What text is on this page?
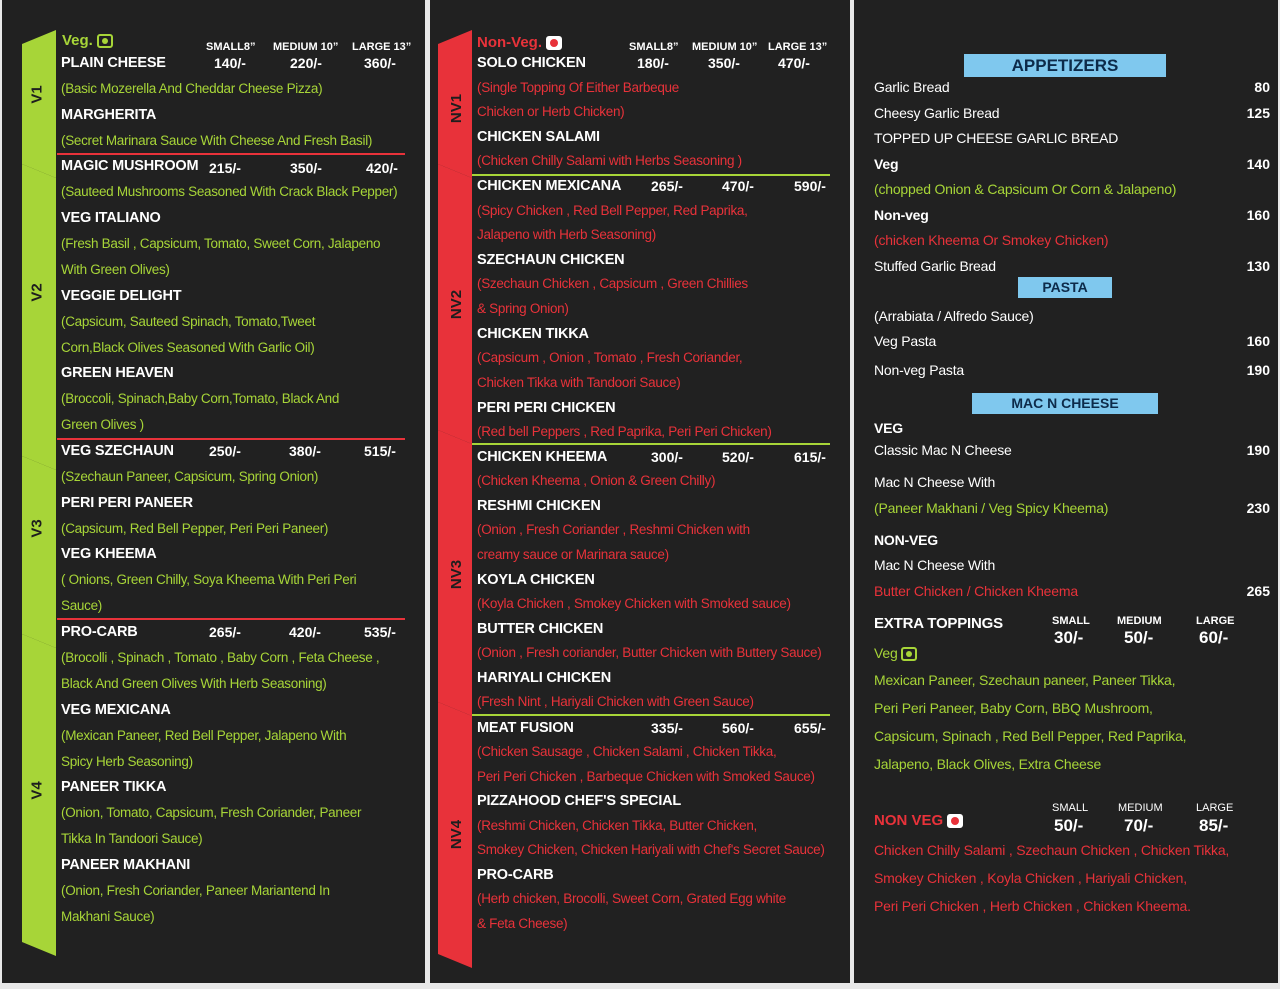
V1
V2
V3
V4
Veg.	SMALL8” MEDIUM 10” LARGE 13”
PLAIN CHEESE	140/-	220/-	360/-
(Basic Mozerella And Cheddar Cheese Pizza)
MARGHERITA
(Secret Marinara Sauce With Cheese And Fresh Basil)
MAGIC MUSHROOM 215/-	350/-	420/-
(Sauteed Mushrooms Seasoned With Crack Black Pepper)
VEG ITALIANO
(Fresh Basil , Capsicum, Tomato, Sweet Corn, Jalapeno
With Green Olives)
VEGGIE DELIGHT
(Capsicum, Sauteed Spinach, Tomato,Tweet
Corn,Black Olives Seasoned With Garlic Oil)
GREEN HEAVEN
(Broccoli, Spinach,Baby Corn,Tomato, Black And
Green Olives )
VEG SZECHAUN	250/-	380/-	515/-
(Szechaun Paneer, Capsicum, Spring Onion)
PERI PERI PANEER
(Capsicum, Red Bell Pepper, Peri Peri Paneer)
VEG KHEEMA
( Onions, Green Chilly, Soya Kheema With Peri Peri
Sauce)
PRO-CARB	265/-	420/-	535/-
(Brocolli , Spinach , Tomato , Baby Corn , Feta Cheese ,
Black And Green Olives With Herb Seasoning)
VEG MEXICANA
(Mexican Paneer, Red Bell Pepper, Jalapeno With
Spicy Herb Seasoning)
PANEER TIKKA
(Onion, Tomato, Capsicum, Fresh Coriander, Paneer
Tikka In Tandoori Sauce)
PANEER MAKHANI
(Onion, Fresh Coriander, Paneer Mariantend In
Makhani Sauce)
NV1
NV2
NV3
NV4
Non-Veg.	SMALL8” MEDIUM 10” LARGE 13”
SOLO CHICKEN	180/-	350/-	470/-
(Single Topping Of Either Barbeque
Chicken or Herb Chicken)
CHICKEN SALAMI
(Chicken Chilly Salami with Herbs Seasoning )
CHICKEN MEXICANA 265/-	470/-	590/-
(Spicy Chicken , Red Bell Pepper, Red Paprika,
Jalapeno with Herb Seasoning)
SZECHAUN CHICKEN
(Szechaun Chicken , Capsicum , Green Chillies
& Spring Onion)
CHICKEN TIKKA
(Capsicum , Onion , Tomato , Fresh Coriander,
Chicken Tikka with Tandoori Sauce)
PERI PERI CHICKEN
(Red bell Peppers , Red Paprika, Peri Peri Chicken)
CHICKEN KHEEMA	300/-	520/-	615/-
(Chicken Kheema , Onion & Green Chilly)
RESHMI CHICKEN
(Onion , Fresh Coriander , Reshmi Chicken with
creamy sauce or Marinara sauce)
KOYLA CHICKEN
(Koyla Chicken , Smokey Chicken with Smoked sauce)
BUTTER CHICKEN
(Onion , Fresh coriander, Butter Chicken with Buttery Sauce)
HARIYALI CHICKEN
(Fresh Nint , Hariyali Chicken with Green Sauce)
MEAT FUSION	335/-	560/-	655/-
(Chicken Sausage , Chicken Salami , Chicken Tikka,
Peri Peri Chicken , Barbeque Chicken with Smoked Sauce)
PIZZAHOOD CHEF'S SPECIAL
(Reshmi Chicken, Chicken Tikka, Butter Chicken,
Smokey Chicken, Chicken Hariyali with Chef's Secret Sauce)
PRO-CARB
(Herb chicken, Brocolli, Sweet Corn, Grated Egg white
& Feta Cheese)
APPETIZERS
Garlic Bread	80
Cheesy Garlic Bread	125
TOPPED UP CHEESE GARLIC BREAD
Veg	140
(chopped Onion & Capsicum Or Corn & Jalapeno)
Non-veg	160
(chicken Kheema Or Smokey Chicken)
Stuffed Garlic Bread	130
PASTA
(Arrabiata / Alfredo Sauce)
Veg Pasta	160
Non-veg Pasta	190
MAC N CHEESE
VEG
Classic Mac N Cheese	190
Mac N Cheese With
(Paneer Makhani / Veg Spicy Kheema)	230
NON-VEG
Mac N Cheese With
Butter Chicken / Chicken Kheema	265
EXTRA TOPPINGS	SMALL MEDIUM	LARGE
30/- 50/-	60/-
Veg
Mexican Paneer, Szechaun paneer, Paneer Tikka,
Peri Peri Paneer, Baby Corn, BBQ Mushroom,
Capsicum, Spinach , Red Bell Pepper, Red Paprika,
Jalapeno, Black Olives, Extra Cheese
SMALL	MEDIUM	LARGE
NON VEG	50/- 70/-	85/-
Chicken Chilly Salami , Szechaun Chicken , Chicken Tikka,
Smokey Chicken , Koyla Chicken , Hariyali Chicken,
Peri Peri Chicken , Herb Chicken , Chicken Kheema.
